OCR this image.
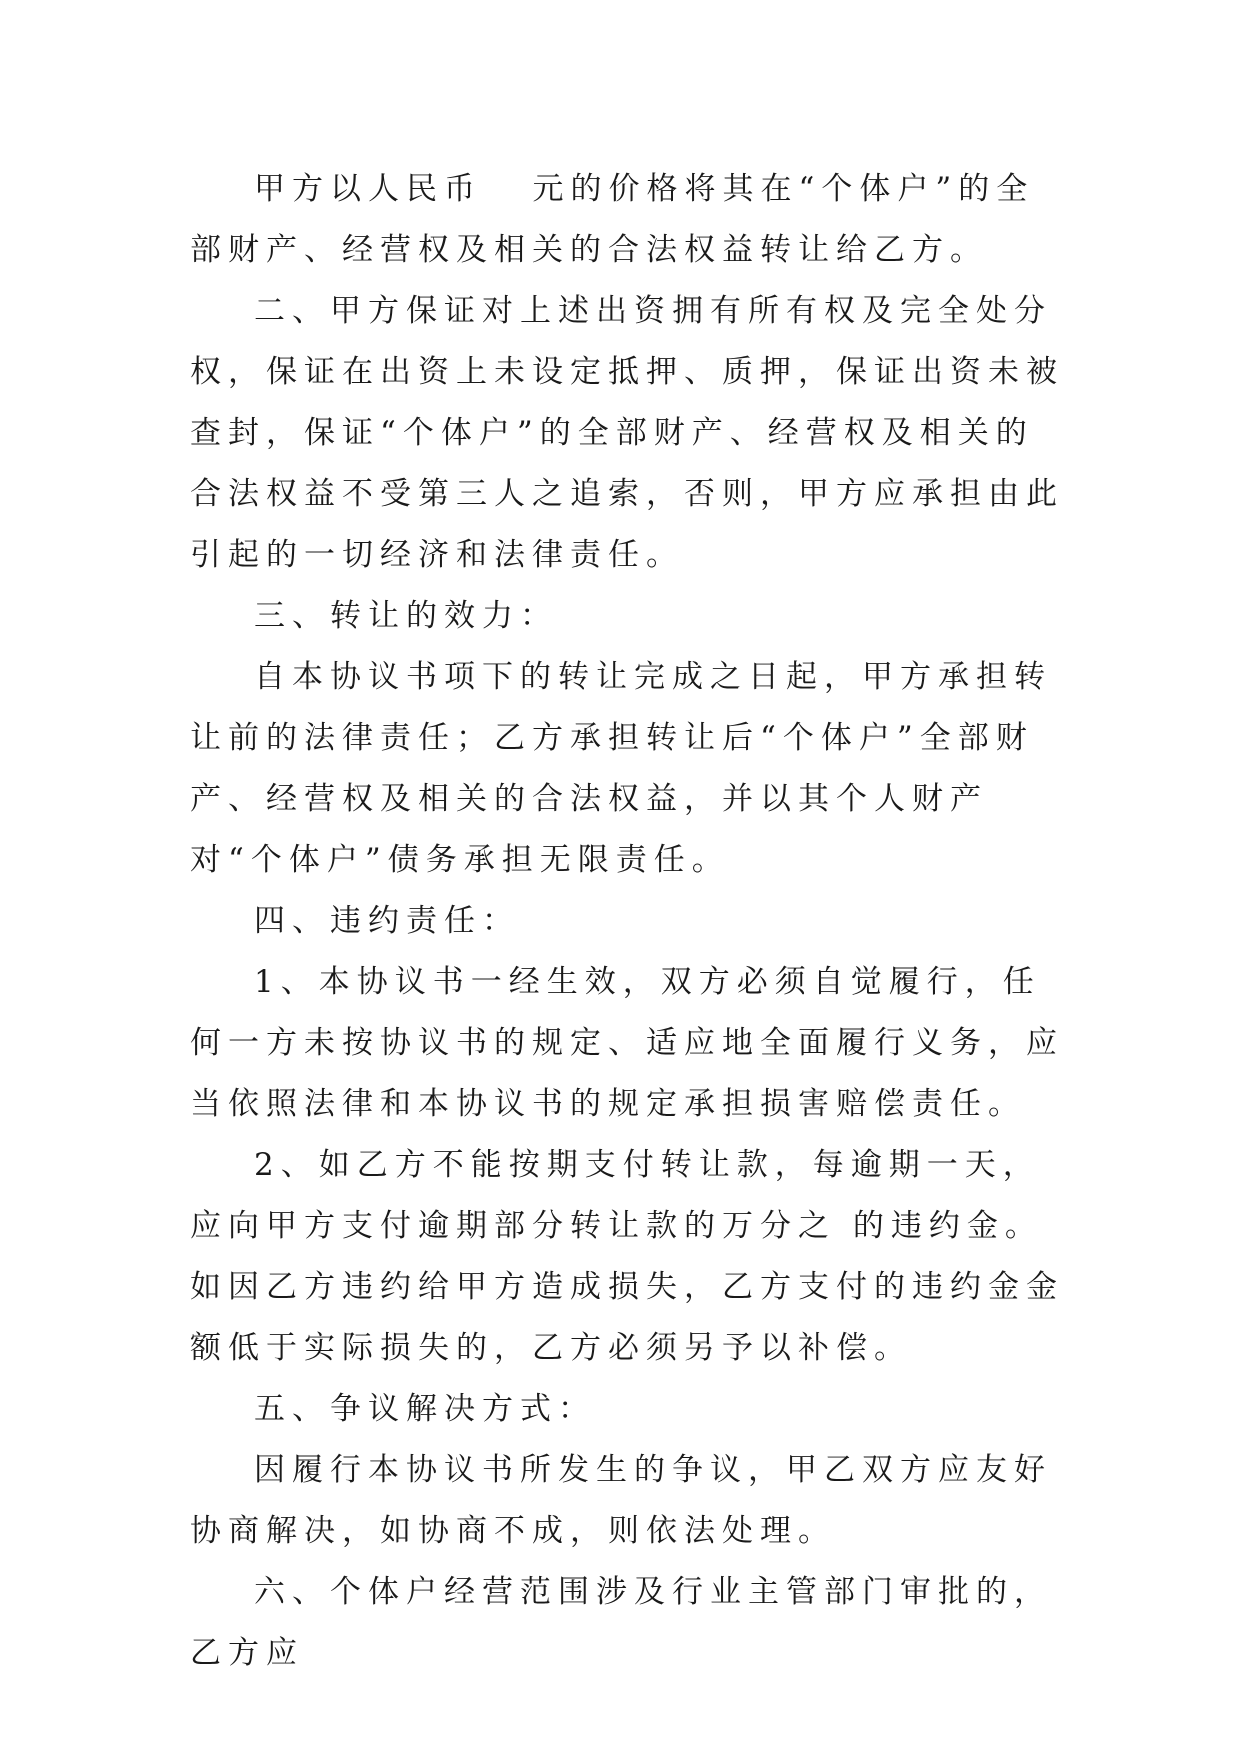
甲方以人民币   元的价格将其在“个体户”的全部财产、经营权及相关的合法权益转让给乙方。

二、甲方保证对上述出资拥有所有权及完全处分权，保证在出资上未设定抵押、质押，保证出资未被查封，保证“个体户”的全部财产、经营权及相关的合法权益不受第三人之追索，否则，甲方应承担由此引起的一切经济和法律责任。

三、转让的效力：

自本协议书项下的转让完成之日起，甲方承担转让前的法律责任；乙方承担转让后“个体户”全部财产、经营权及相关的合法权益，并以其个人财产对“个体户”债务承担无限责任。

四、违约责任：

1、本协议书一经生效，双方必须自觉履行，任何一方未按协议书的规定、适应地全面履行义务，应当依照法律和本协议书的规定承担损害赔偿责任。

2、如乙方不能按期支付转让款，每逾期一天，应向甲方支付逾期部分转让款的万分之 的违约金。如因乙方违约给甲方造成损失，乙方支付的违约金金额低于实际损失的，乙方必须另予以补偿。

五、争议解决方式：

因履行本协议书所发生的争议，甲乙双方应友好协商解决，如协商不成，则依法处理。

六、个体户经营范围涉及行业主管部门审批的，乙方应
